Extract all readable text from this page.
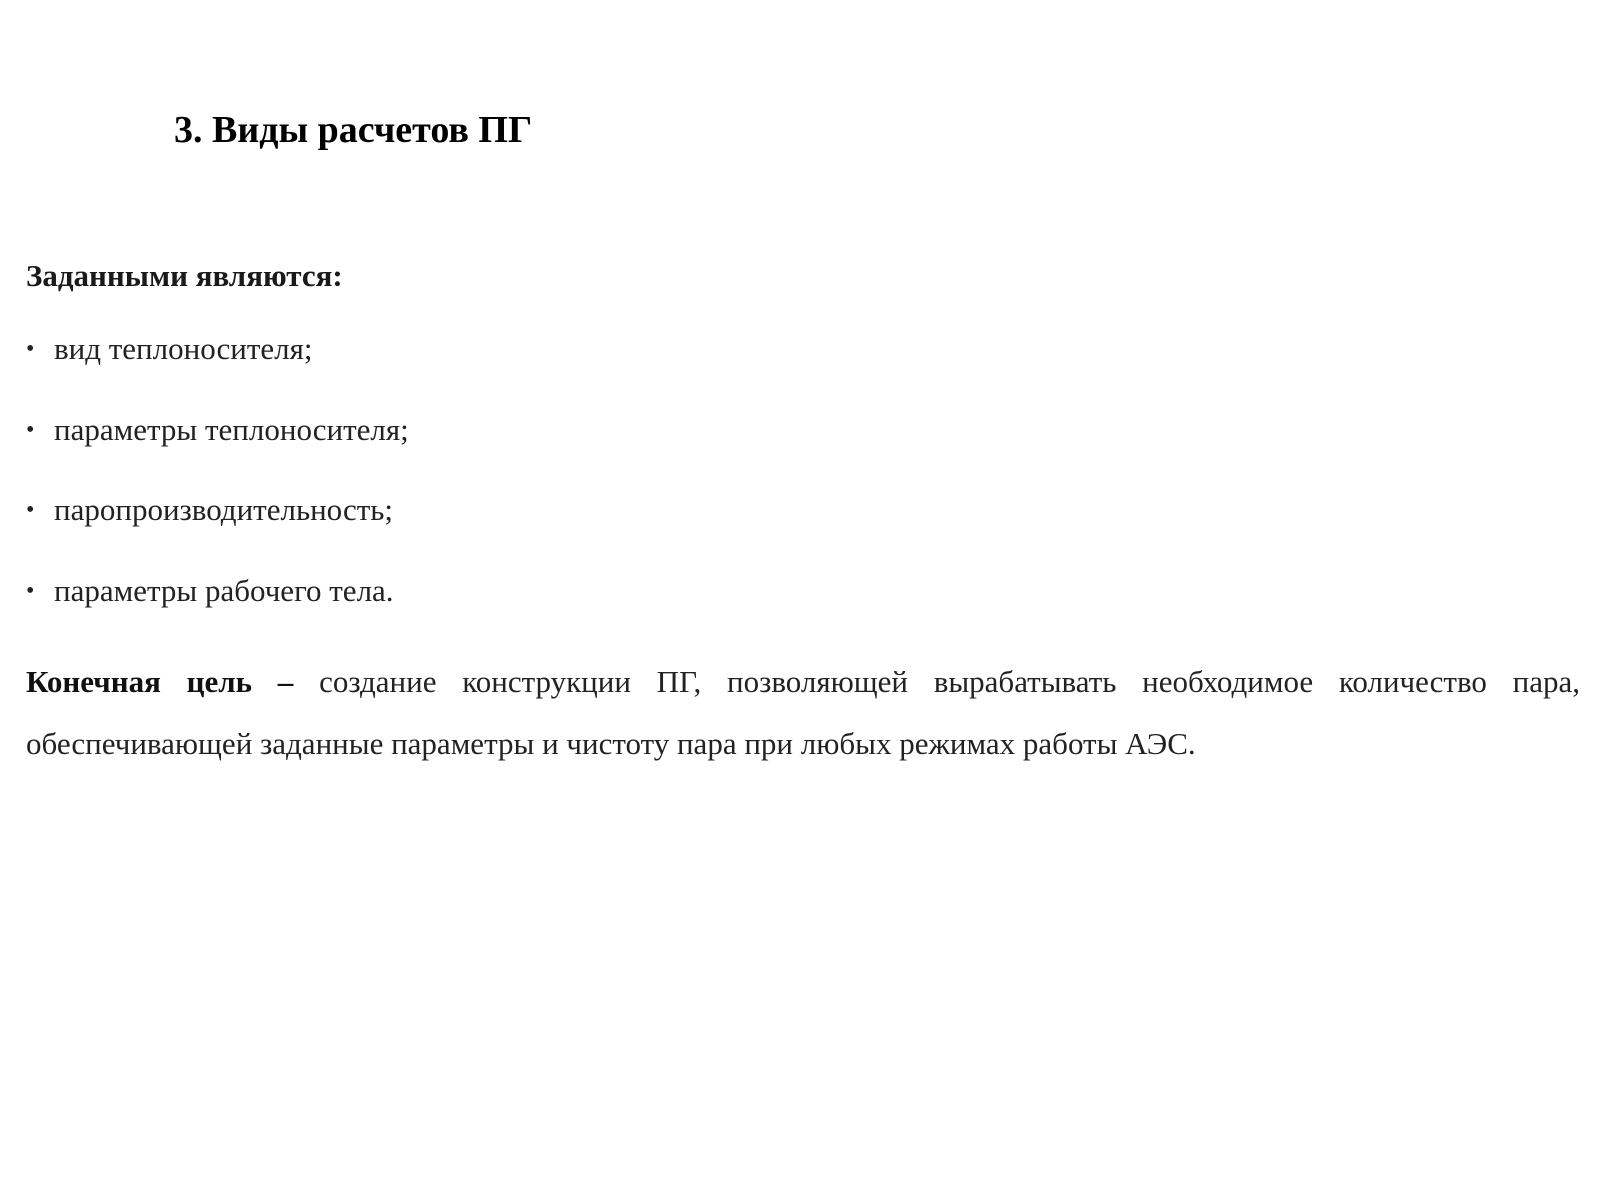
3. Виды расчетов ПГ

Заданными являются:

• вид теплоносителя;
• параметры теплоносителя;
• паропроизводительность;
• параметры рабочего тела.

Конечная цель – создание конструкции ПГ, позволяющей вырабатывать необходимое количество пара, обеспечивающей заданные параметры и чистоту пара при любых режимах работы АЭС.
